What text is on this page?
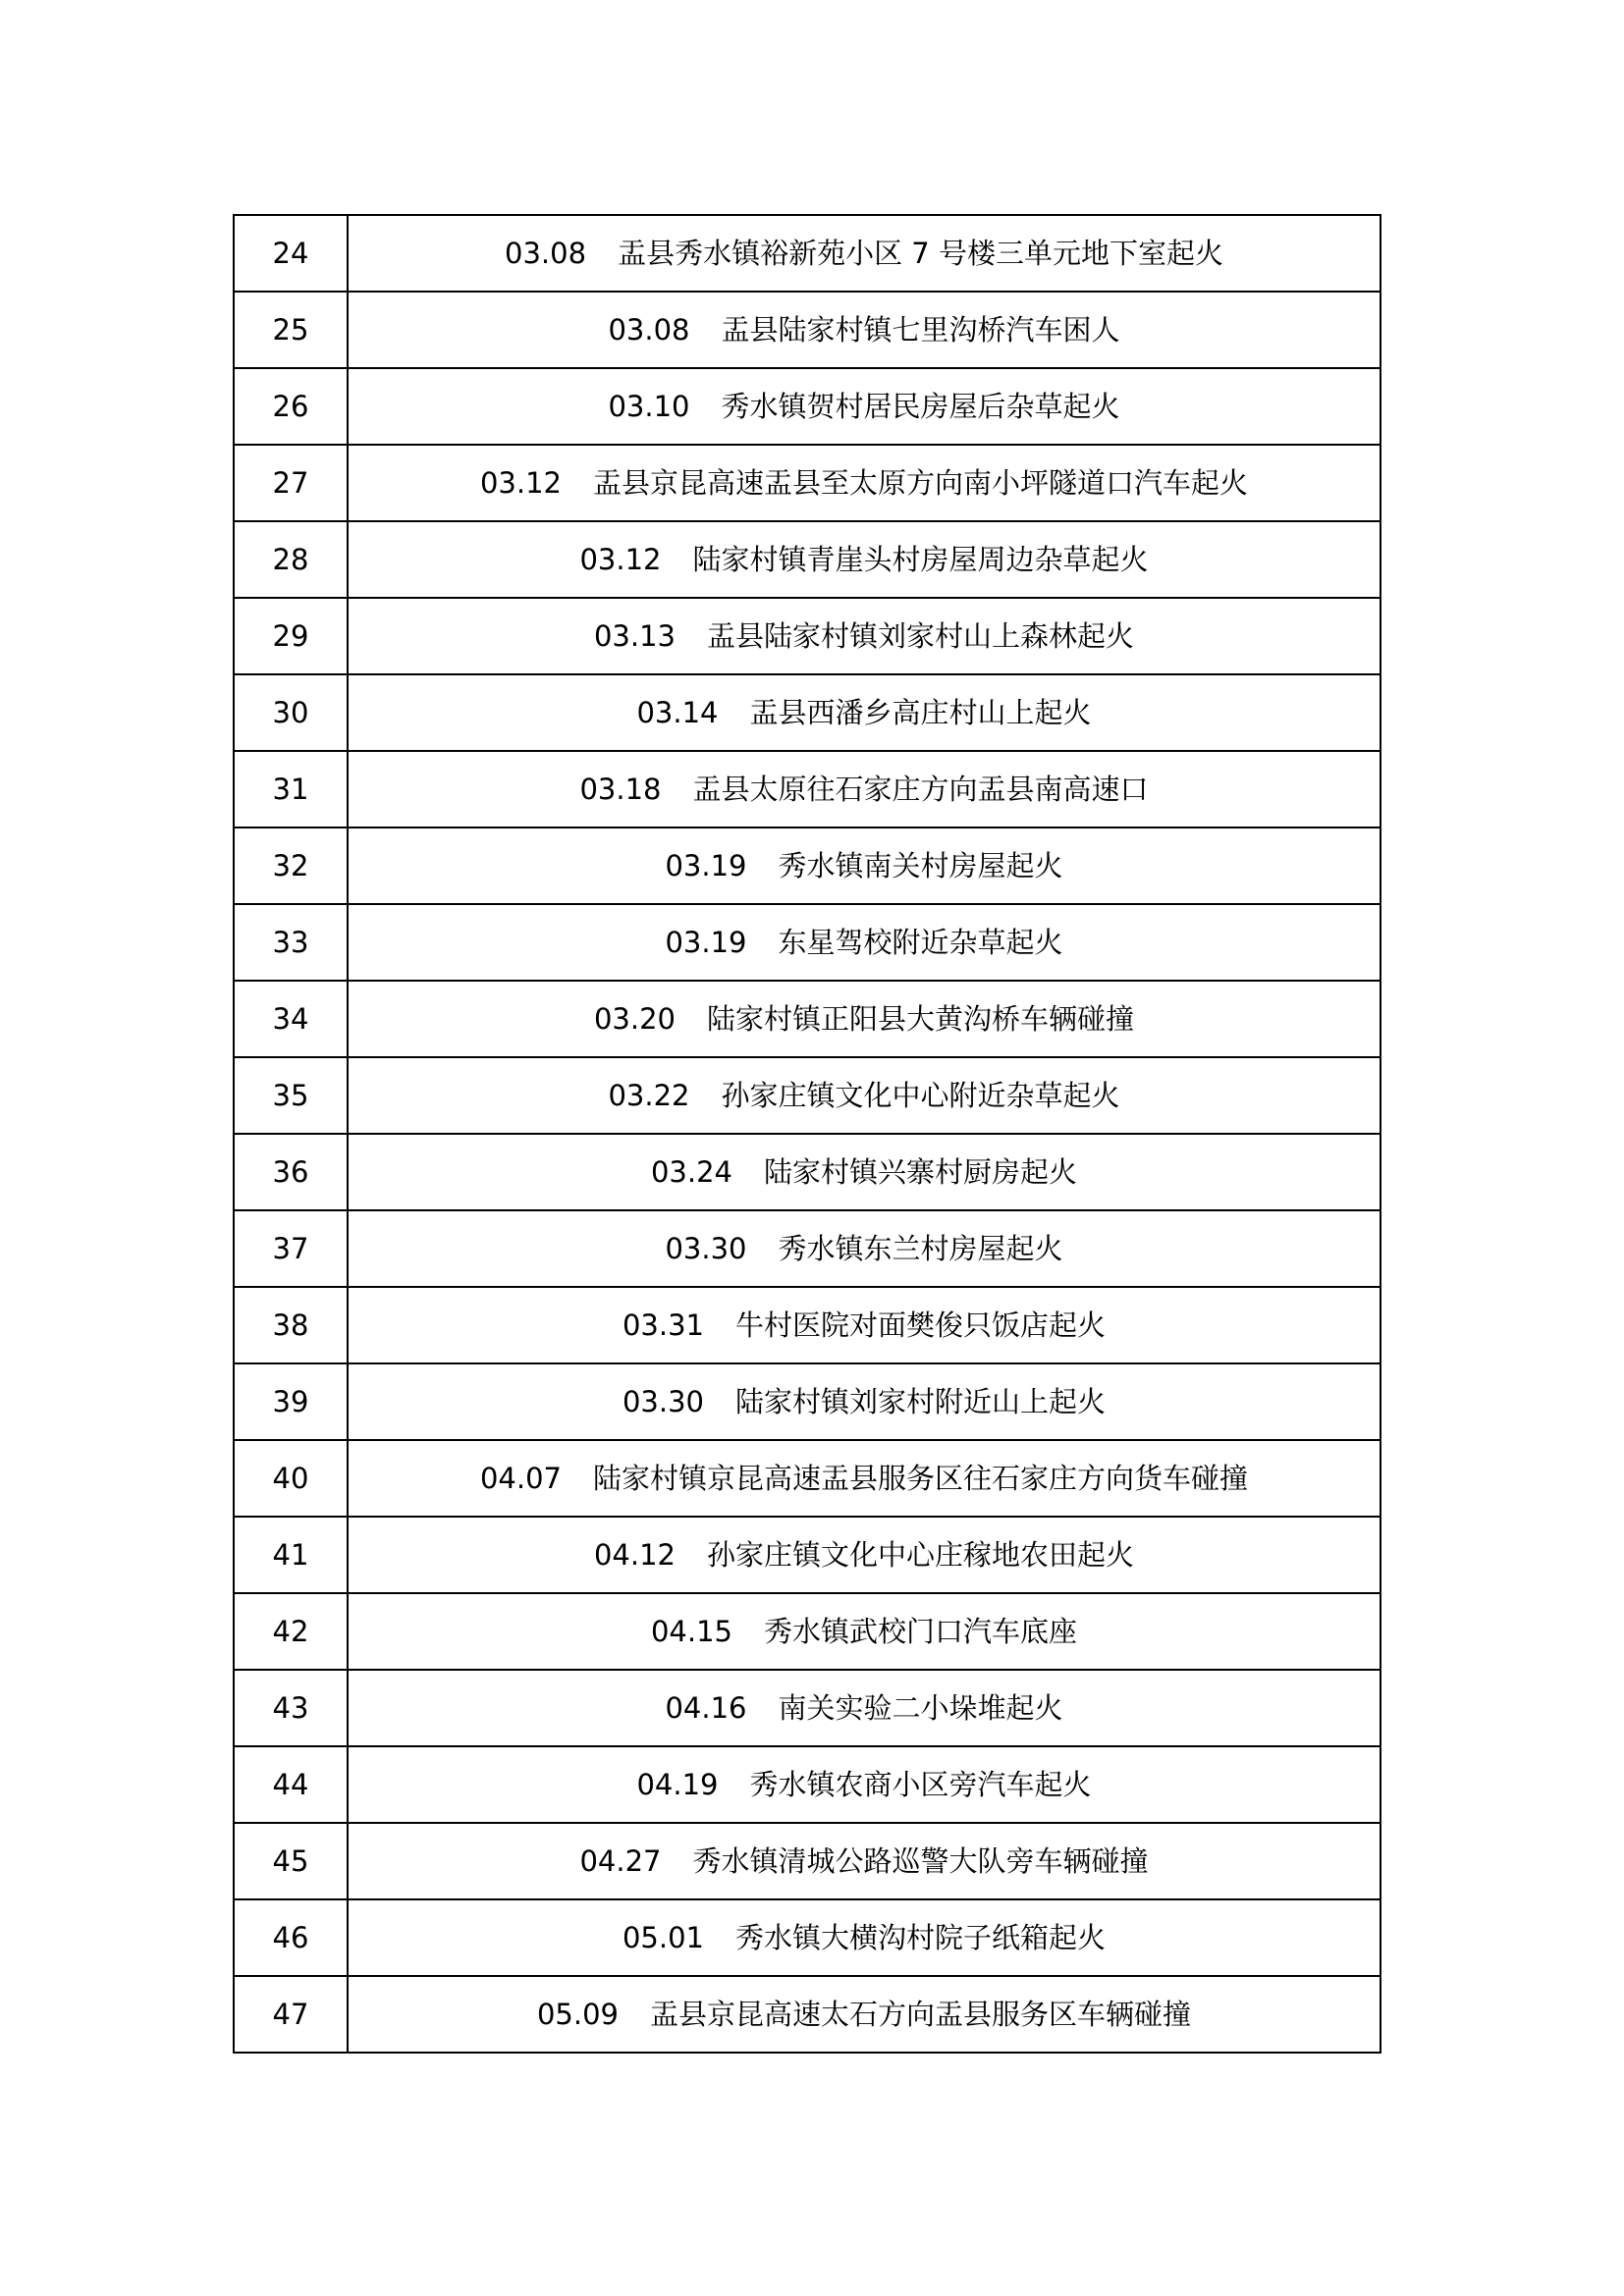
24	03.08 盂县秀水镇裕新苑小区 7 号楼三单元地下室起火
25	03.08 盂县陆家村镇七里沟桥汽车困人
26	03.10 秀水镇贺村居民房屋后杂草起火
27	03.12 盂县京昆高速盂县至太原方向南小坪隧道口汽车起火
28	03.12 陆家村镇青崖头村房屋周边杂草起火
29	03.13 盂县陆家村镇刘家村山上森林起火
30	03.14 盂县西潘乡高庄村山上起火
31	03.18 盂县太原往石家庄方向盂县南高速口
32	03.19 秀水镇南关村房屋起火
33	03.19 东星驾校附近杂草起火
34	03.20 陆家村镇正阳县大黄沟桥车辆碰撞
35	03.22 孙家庄镇文化中心附近杂草起火
36	03.24 陆家村镇兴寨村厨房起火
37	03.30 秀水镇东兰村房屋起火
38	03.31 牛村医院对面樊俊只饭店起火
39	03.30 陆家村镇刘家村附近山上起火
40	04.07 陆家村镇京昆高速盂县服务区往石家庄方向货车碰撞
41	04.12 孙家庄镇文化中心庄稼地农田起火
42	04.15 秀水镇武校门口汽车底座
43	04.16 南关实验二小垛堆起火
44	04.19 秀水镇农商小区旁汽车起火
45	04.27 秀水镇清城公路巡警大队旁车辆碰撞
46	05.01 秀水镇大横沟村院子纸箱起火
47	05.09 盂县京昆高速太石方向盂县服务区车辆碰撞
